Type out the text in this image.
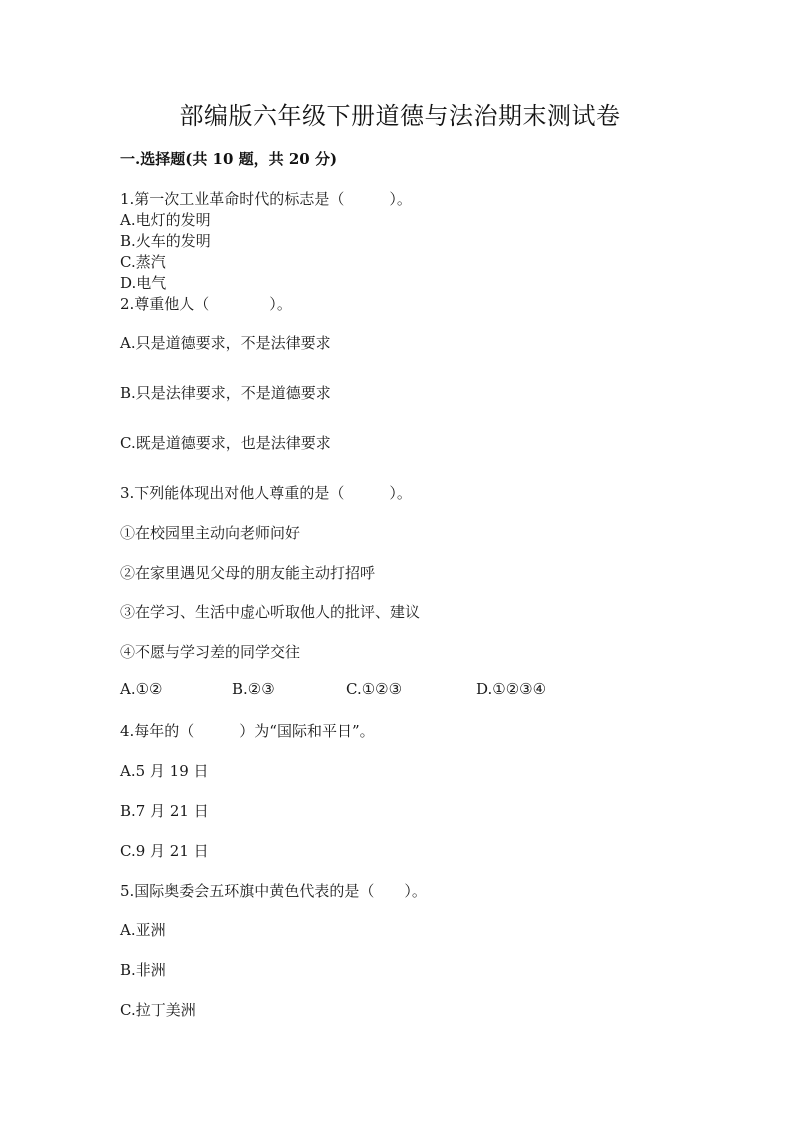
部编版六年级下册道德与法治期末测试卷
一.选择题(共 10 题，共 20 分)
1.第一次工业革命时代的标志是（　　　）。
A.电灯的发明
B.火车的发明
C.蒸汽
D.电气
2.尊重他人（　　　　）。
A.只是道德要求，不是法律要求
B.只是法律要求，不是道德要求
C.既是道德要求，也是法律要求
3.下列能体现出对他人尊重的是（　　　）。
①在校园里主动向老师问好
②在家里遇见父母的朋友能主动打招呼
③在学习、生活中虚心听取他人的批评、建议
④不愿与学习差的同学交往
A.①②	B.②③	C.①②③	D.①②③④
4.每年的（　　　）为“国际和平日”。
A.5 月 19 日
B.7 月 21 日
C.9 月 21 日
5.国际奥委会五环旗中黄色代表的是（　　）。
A.亚洲
B.非洲
C.拉丁美洲
